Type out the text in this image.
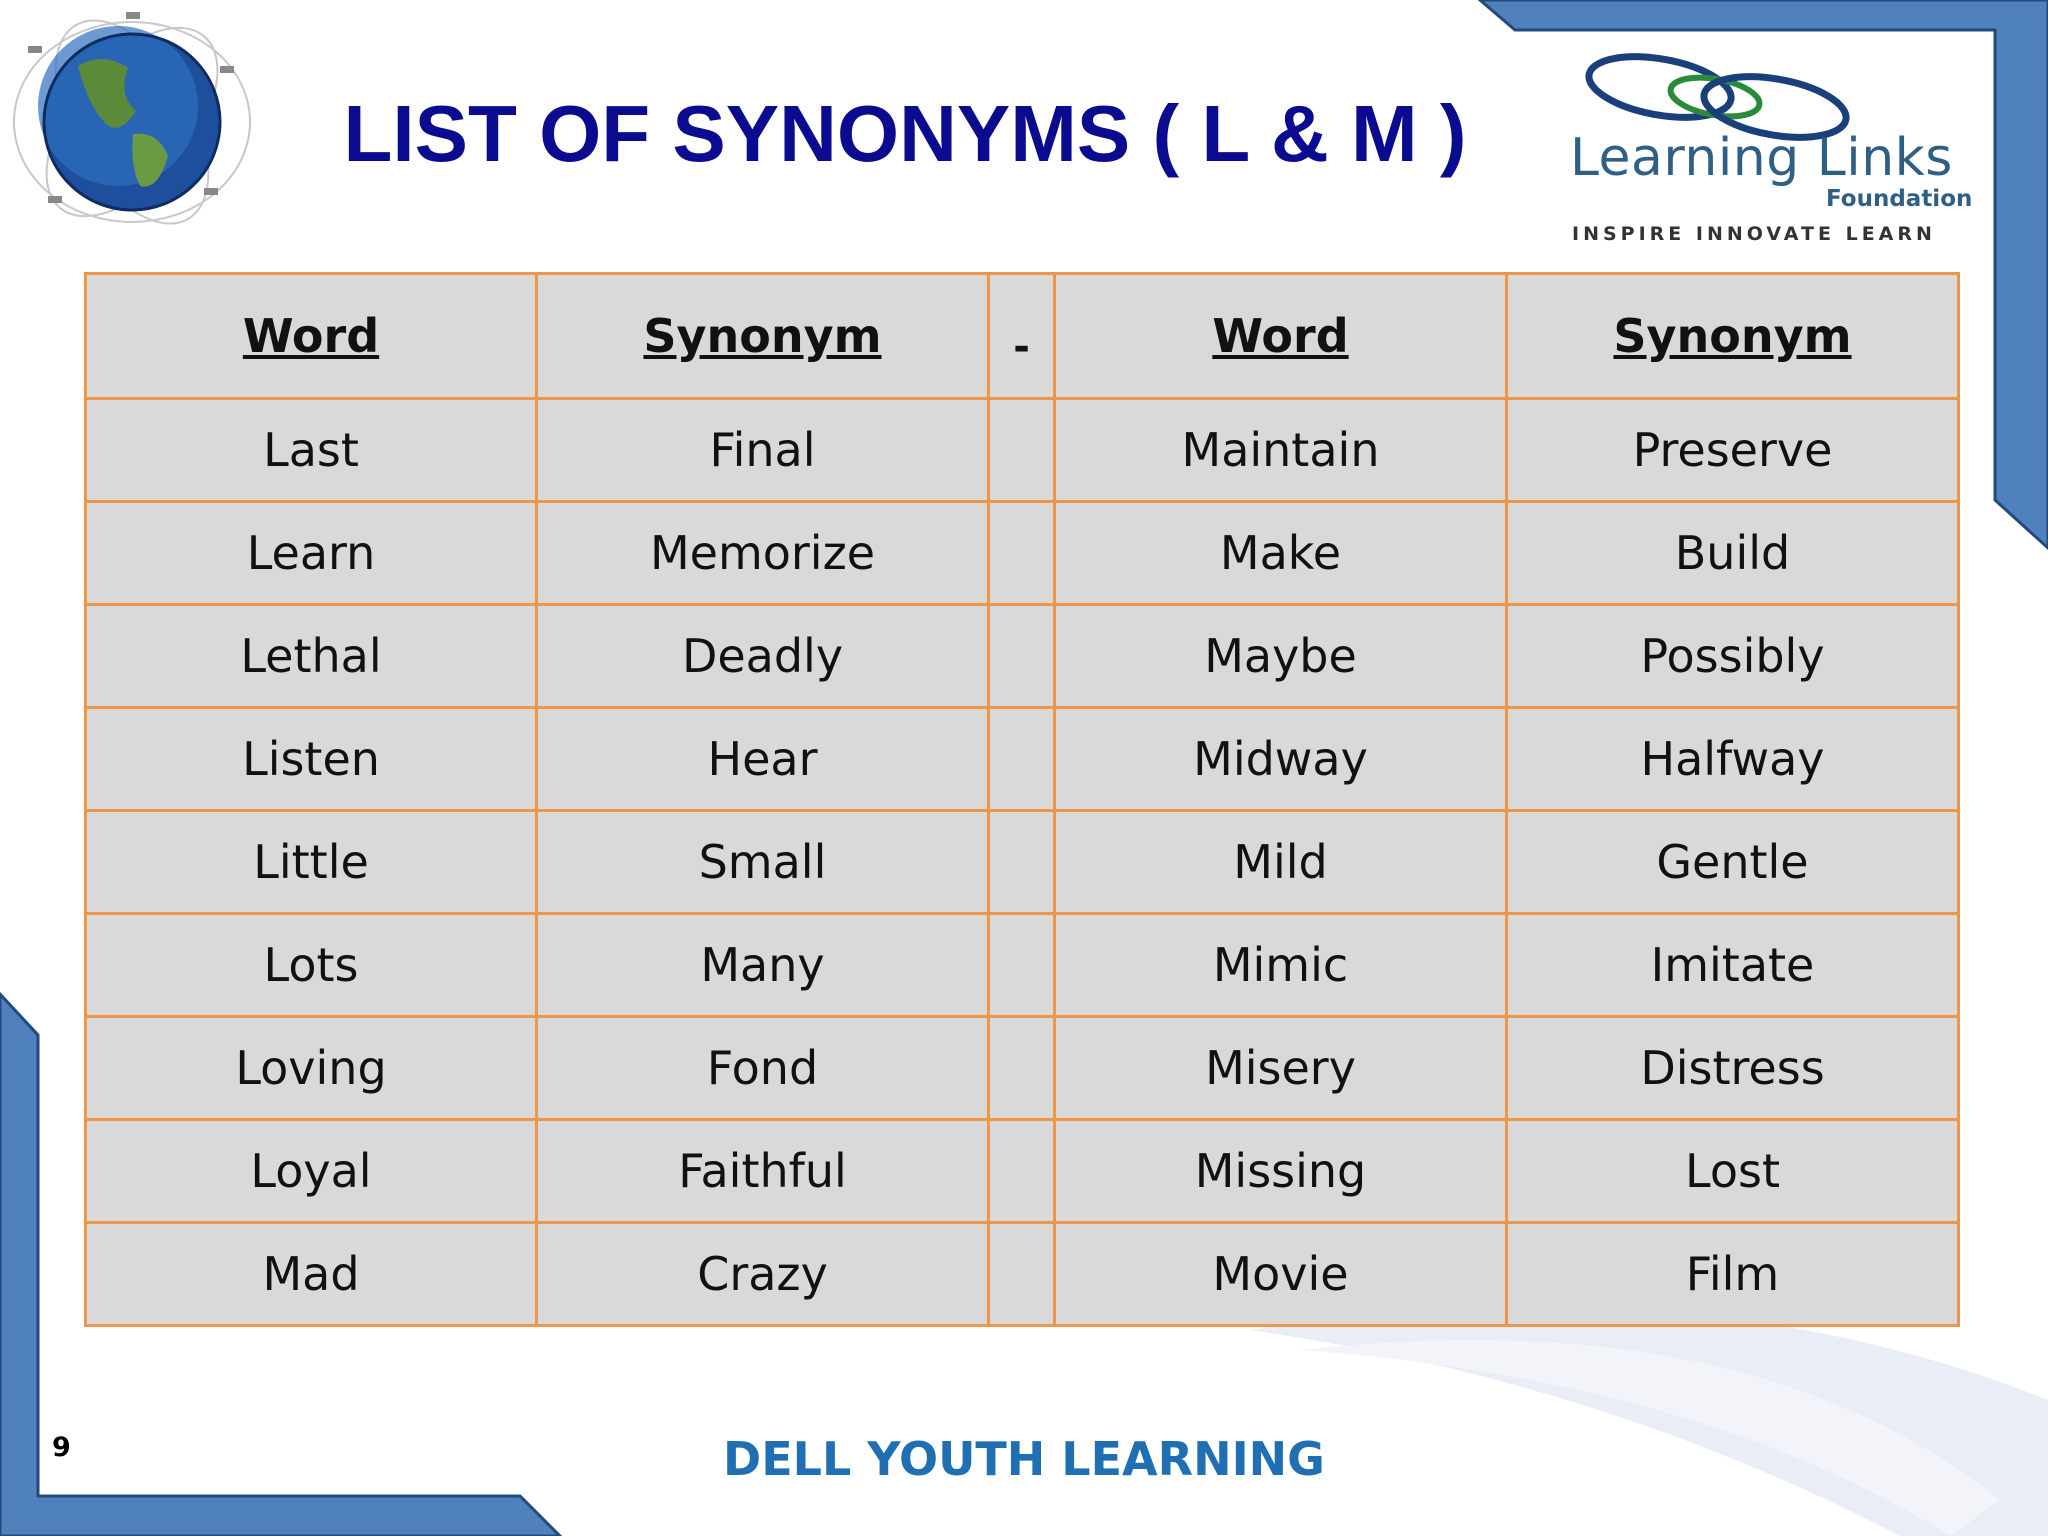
LIST OF SYNONYMS ( L & M )	Learning Links
Foundation
INSPIRE INNOVATE LEARN
Word	Synonym	-	Word	Synonym
Last	Final		Maintain	Preserve
Learn	Memorize		Make	Build
Lethal	Deadly		Maybe	Possibly
Listen	Hear		Midway	Halfway
Little	Small		Mild	Gentle
Lots	Many		Mimic	Imitate
Loving	Fond		Misery	Distress
Loyal	Faithful		Missing	Lost
Mad	Crazy		Movie	Film
9	DELL YOUTH LEARNING
